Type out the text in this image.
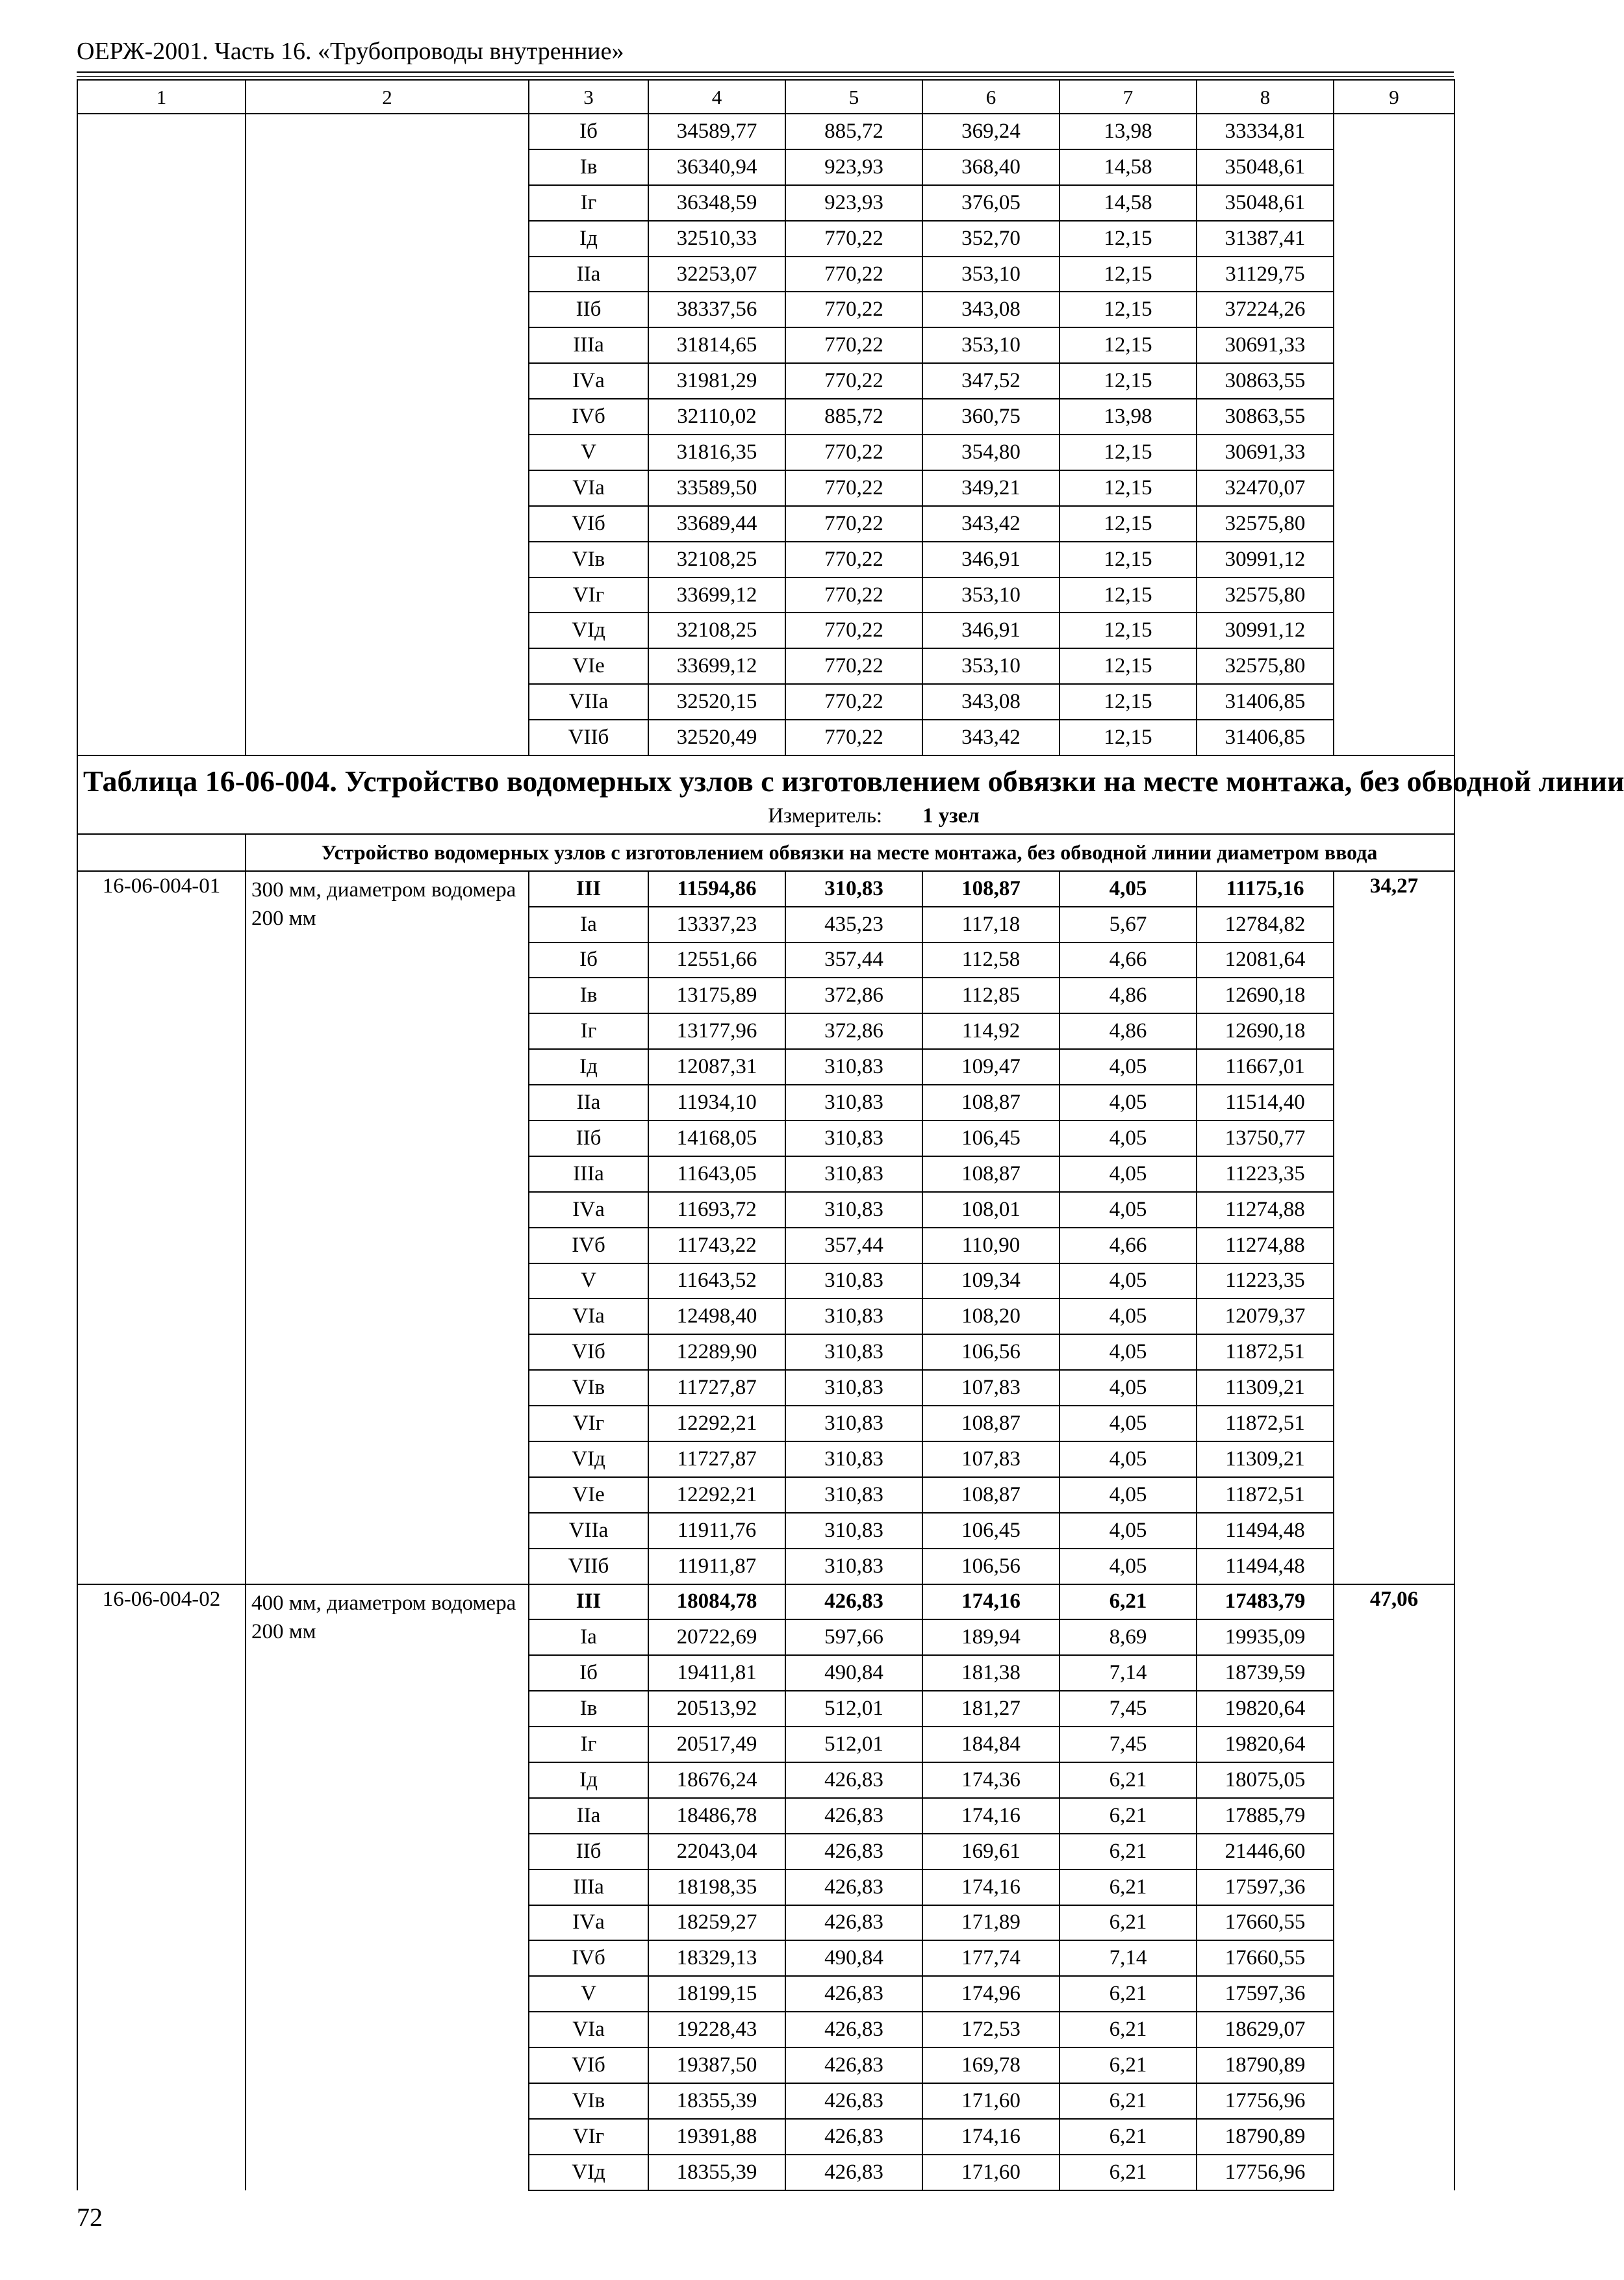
ОЕРЖ-2001. Часть 16. «Трубопроводы внутренние»
1	2	3	4	5	6	7	8	9
		Iб	34589,77	885,72	369,24	13,98	33334,81	
		Iв	36340,94	923,93	368,40	14,58	35048,61	
		Iг	36348,59	923,93	376,05	14,58	35048,61	
		Iд	32510,33	770,22	352,70	12,15	31387,41	
		IIа	32253,07	770,22	353,10	12,15	31129,75	
		IIб	38337,56	770,22	343,08	12,15	37224,26	
		IIIа	31814,65	770,22	353,10	12,15	30691,33	
		IVа	31981,29	770,22	347,52	12,15	30863,55	
		IVб	32110,02	885,72	360,75	13,98	30863,55	
		V	31816,35	770,22	354,80	12,15	30691,33	
		VIа	33589,50	770,22	349,21	12,15	32470,07	
		VIб	33689,44	770,22	343,42	12,15	32575,80	
		VIв	32108,25	770,22	346,91	12,15	30991,12	
		VIг	33699,12	770,22	353,10	12,15	32575,80	
		VIд	32108,25	770,22	346,91	12,15	30991,12	
		VIе	33699,12	770,22	353,10	12,15	32575,80	
		VIIа	32520,15	770,22	343,08	12,15	31406,85	
		VIIб	32520,49	770,22	343,42	12,15	31406,85	

Таблица 16-06-004. Устройство водомерных узлов с изготовлением обвязки на месте монтажа, без обводной линии
Измеритель: 1 узел								

	Устройство водомерных узлов с изготовлением обвязки на месте монтажа, без обводной линии диаметром ввода							

16-06-004-01	300 мм, диаметром водомера 200 мм	III	11594,86	310,83	108,87	4,05	11175,16	34,27
		Iа	13337,23	435,23	117,18	5,67	12784,82	
		Iб	12551,66	357,44	112,58	4,66	12081,64	
		Iв	13175,89	372,86	112,85	4,86	12690,18	
		Iг	13177,96	372,86	114,92	4,86	12690,18	
		Iд	12087,31	310,83	109,47	4,05	11667,01	
		IIа	11934,10	310,83	108,87	4,05	11514,40	
		IIб	14168,05	310,83	106,45	4,05	13750,77	
		IIIа	11643,05	310,83	108,87	4,05	11223,35	
		IVа	11693,72	310,83	108,01	4,05	11274,88	
		IVб	11743,22	357,44	110,90	4,66	11274,88	
		V	11643,52	310,83	109,34	4,05	11223,35	
		VIа	12498,40	310,83	108,20	4,05	12079,37	
		VIб	12289,90	310,83	106,56	4,05	11872,51	
		VIв	11727,87	310,83	107,83	4,05	11309,21	
		VIг	12292,21	310,83	108,87	4,05	11872,51	
		VIд	11727,87	310,83	107,83	4,05	11309,21	
		VIе	12292,21	310,83	108,87	4,05	11872,51	
		VIIа	11911,76	310,83	106,45	4,05	11494,48	
		VIIб	11911,87	310,83	106,56	4,05	11494,48	
16-06-004-02	400 мм, диаметром водомера 200 мм	III	18084,78	426,83	174,16	6,21	17483,79	47,06
		Iа	20722,69	597,66	189,94	8,69	19935,09	
		Iб	19411,81	490,84	181,38	7,14	18739,59	
		Iв	20513,92	512,01	181,27	7,45	19820,64	
		Iг	20517,49	512,01	184,84	7,45	19820,64	
		Iд	18676,24	426,83	174,36	6,21	18075,05	
		IIа	18486,78	426,83	174,16	6,21	17885,79	
		IIб	22043,04	426,83	169,61	6,21	21446,60	
		IIIа	18198,35	426,83	174,16	6,21	17597,36	
		IVа	18259,27	426,83	171,89	6,21	17660,55	
		IVб	18329,13	490,84	177,74	7,14	17660,55	
		V	18199,15	426,83	174,96	6,21	17597,36	
		VIа	19228,43	426,83	172,53	6,21	18629,07	
		VIб	19387,50	426,83	169,78	6,21	18790,89	
		VIв	18355,39	426,83	171,60	6,21	17756,96	
		VIг	19391,88	426,83	174,16	6,21	18790,89	
		VIд	18355,39	426,83	171,60	6,21	17756,96	
72
